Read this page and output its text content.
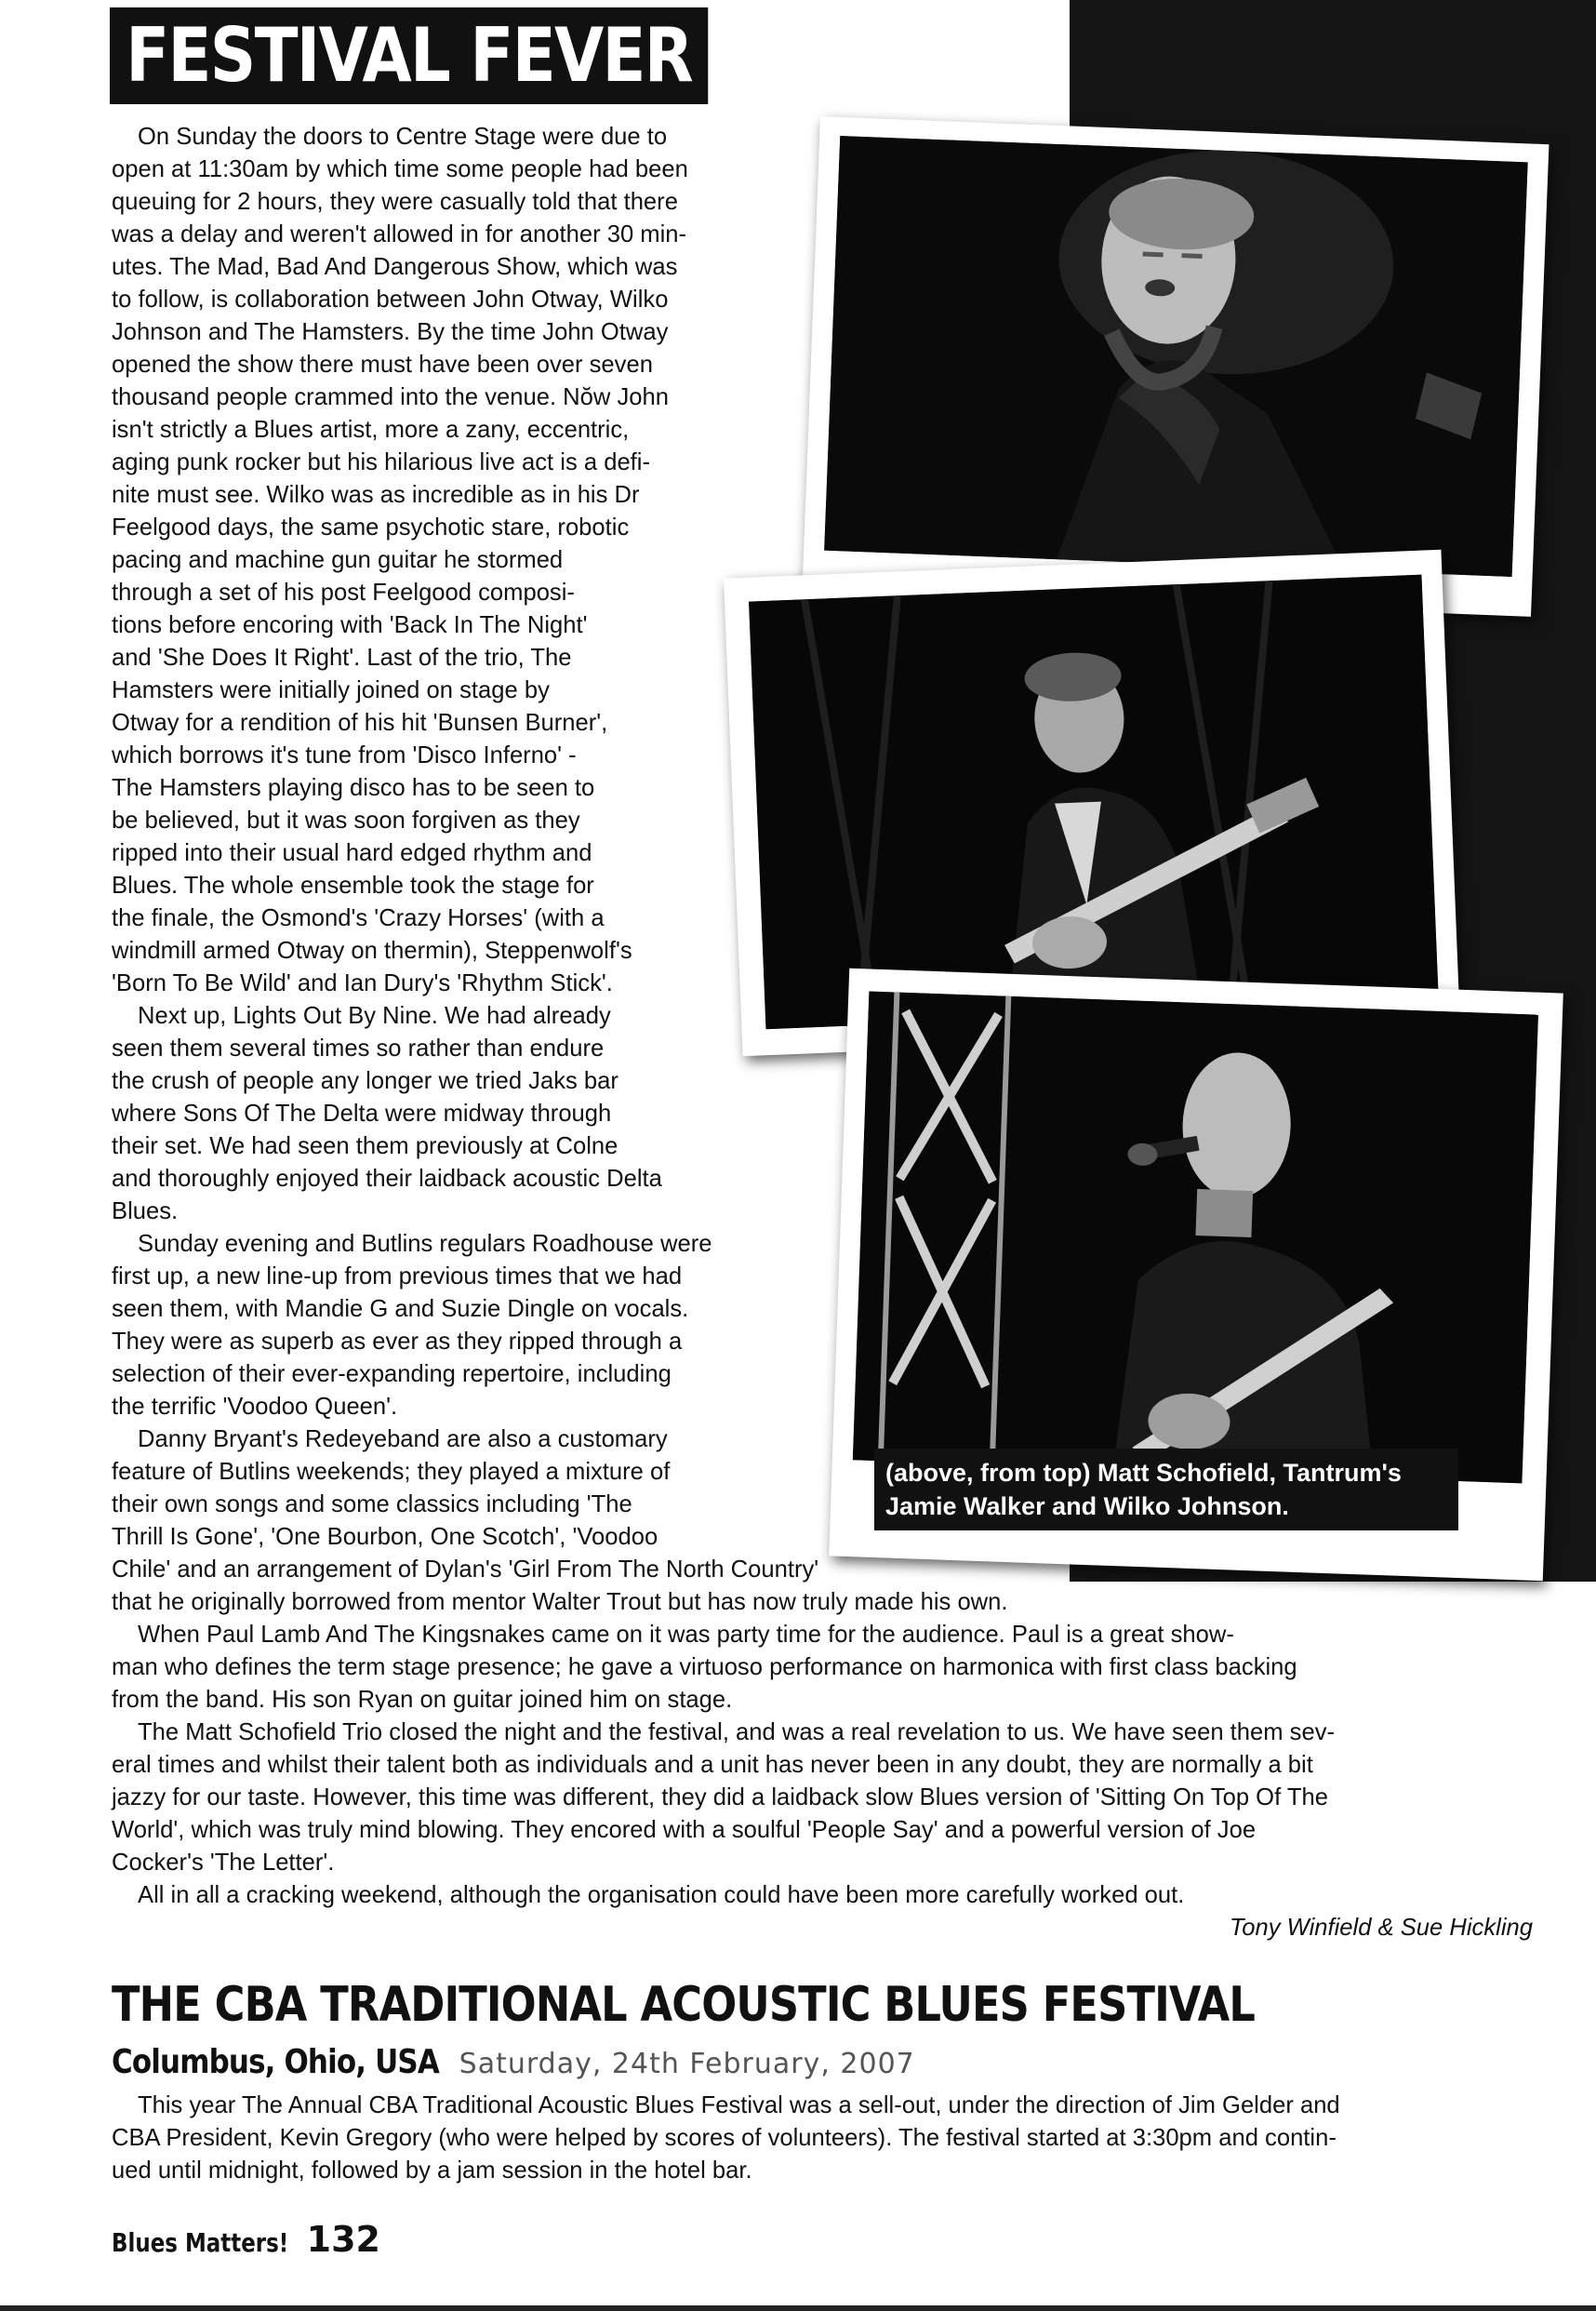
FESTIVAL FEVER
(above, from top) Matt Schofield, Tantrum's
Jamie Walker and Wilko Johnson.

On Sunday the doors to Centre Stage were due to
open at 11:30am by which time some people had been
queuing for 2 hours, they were casually told that there
was a delay and weren't allowed in for another 30 min-
utes. The Mad, Bad And Dangerous Show, which was
to follow, is collaboration between John Otway, Wilko
Johnson and The Hamsters. By the time John Otway
opened the show there must have been over seven
thousand people crammed into the venue. Nŏw John
isn't strictly a Blues artist, more a zany, eccentric,
aging punk rocker but his hilarious live act is a defi-
nite must see. Wilko was as incredible as in his Dr
Feelgood days, the same psychotic stare, robotic
pacing and machine gun guitar he stormed
through a set of his post Feelgood composi-
tions before encoring with 'Back In The Night'
and 'She Does It Right'. Last of the trio, The
Hamsters were initially joined on stage by
Otway for a rendition of his hit 'Bunsen Burner',
which borrows it's tune from 'Disco Inferno' -
The Hamsters playing disco has to be seen to
be believed, but it was soon forgiven as they
ripped into their usual hard edged rhythm and
Blues. The whole ensemble took the stage for
the finale, the Osmond's 'Crazy Horses' (with a
windmill armed Otway on thermin), Steppenwolf's
'Born To Be Wild' and Ian Dury's 'Rhythm Stick'.

Next up, Lights Out By Nine. We had already
seen them several times so rather than endure
the crush of people any longer we tried Jaks bar
where Sons Of The Delta were midway through
their set. We had seen them previously at Colne
and thoroughly enjoyed their laidback acoustic Delta
Blues.

Sunday evening and Butlins regulars Roadhouse were
first up, a new line-up from previous times that we had
seen them, with Mandie G and Suzie Dingle on vocals.
They were as superb as ever as they ripped through a
selection of their ever-expanding repertoire, including
the terrific 'Voodoo Queen'.

Danny Bryant's Redeyeband are also a customary
feature of Butlins weekends; they played a mixture of
their own songs and some classics including 'The
Thrill Is Gone', 'One Bourbon, One Scotch', 'Voodoo
Chile' and an arrangement of Dylan's 'Girl From The North Country'
that he originally borrowed from mentor Walter Trout but has now truly made his own.

When Paul Lamb And The Kingsnakes came on it was party time for the audience. Paul is a great show-
man who defines the term stage presence; he gave a virtuoso performance on harmonica with first class backing
from the band. His son Ryan on guitar joined him on stage.

The Matt Schofield Trio closed the night and the festival, and was a real revelation to us. We have seen them sev-
eral times and whilst their talent both as individuals and a unit has never been in any doubt, they are normally a bit
jazzy for our taste. However, this time was different, they did a laidback slow Blues version of 'Sitting On Top Of The
World', which was truly mind blowing. They encored with a soulful 'People Say' and a powerful version of Joe
Cocker's 'The Letter'.

All in all a cracking weekend, although the organisation could have been more carefully worked out.

Tony Winfield & Sue Hickling
THE CBA TRADITIONAL ACOUSTIC BLUES FESTIVAL
Columbus, Ohio, USA Saturday, 24th February, 2007
This year The Annual CBA Traditional Acoustic Blues Festival was a sell-out, under the direction of Jim Gelder and
CBA President, Kevin Gregory (who were helped by scores of volunteers). The festival started at 3:30pm and contin-
ued until midnight, followed by a jam session in the hotel bar.
Blues Matters! 132
